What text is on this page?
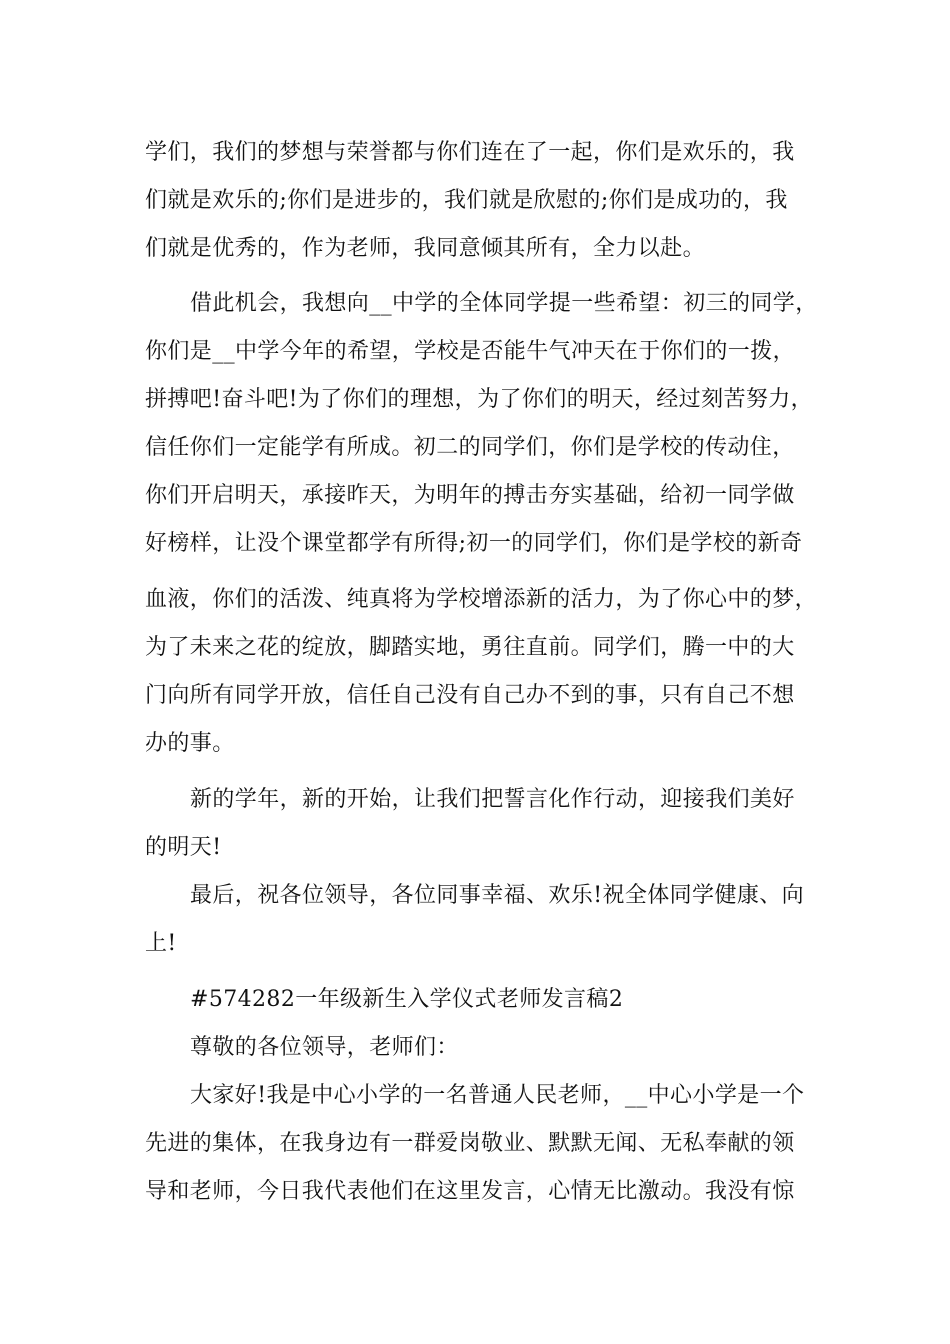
学们，我们的梦想与荣誉都与你们连在了一起，你们是欢乐的，我

们就是欢乐的;你们是进步的，我们就是欣慰的;你们是成功的，我

们就是优秀的，作为老师，我同意倾其所有，全力以赴。

借此机会，我想向__中学的全体同学提一些希望：初三的同学，

你们是__中学今年的希望，学校是否能牛气冲天在于你们的一拨，

拼搏吧!奋斗吧!为了你们的理想，为了你们的明天，经过刻苦努力，

信任你们一定能学有所成。初二的同学们，你们是学校的传动住，

你们开启明天，承接昨天，为明年的搏击夯实基础，给初一同学做

好榜样，让没个课堂都学有所得;初一的同学们，你们是学校的新奇

血液，你们的活泼、纯真将为学校增添新的活力，为了你心中的梦，

为了未来之花的绽放，脚踏实地，勇往直前。同学们，腾一中的大

门向所有同学开放，信任自己没有自己办不到的事，只有自己不想

办的事。

新的学年，新的开始，让我们把誓言化作行动，迎接我们美好

的明天!

最后，祝各位领导，各位同事幸福、欢乐!祝全体同学健康、向

上!

#574282一年级新生入学仪式老师发言稿2

尊敬的各位领导，老师们：

大家好!我是中心小学的一名普通人民老师，__中心小学是一个

先进的集体，在我身边有一群爱岗敬业、默默无闻、无私奉献的领

导和老师，今日我代表他们在这里发言，心情无比激动。我没有惊
